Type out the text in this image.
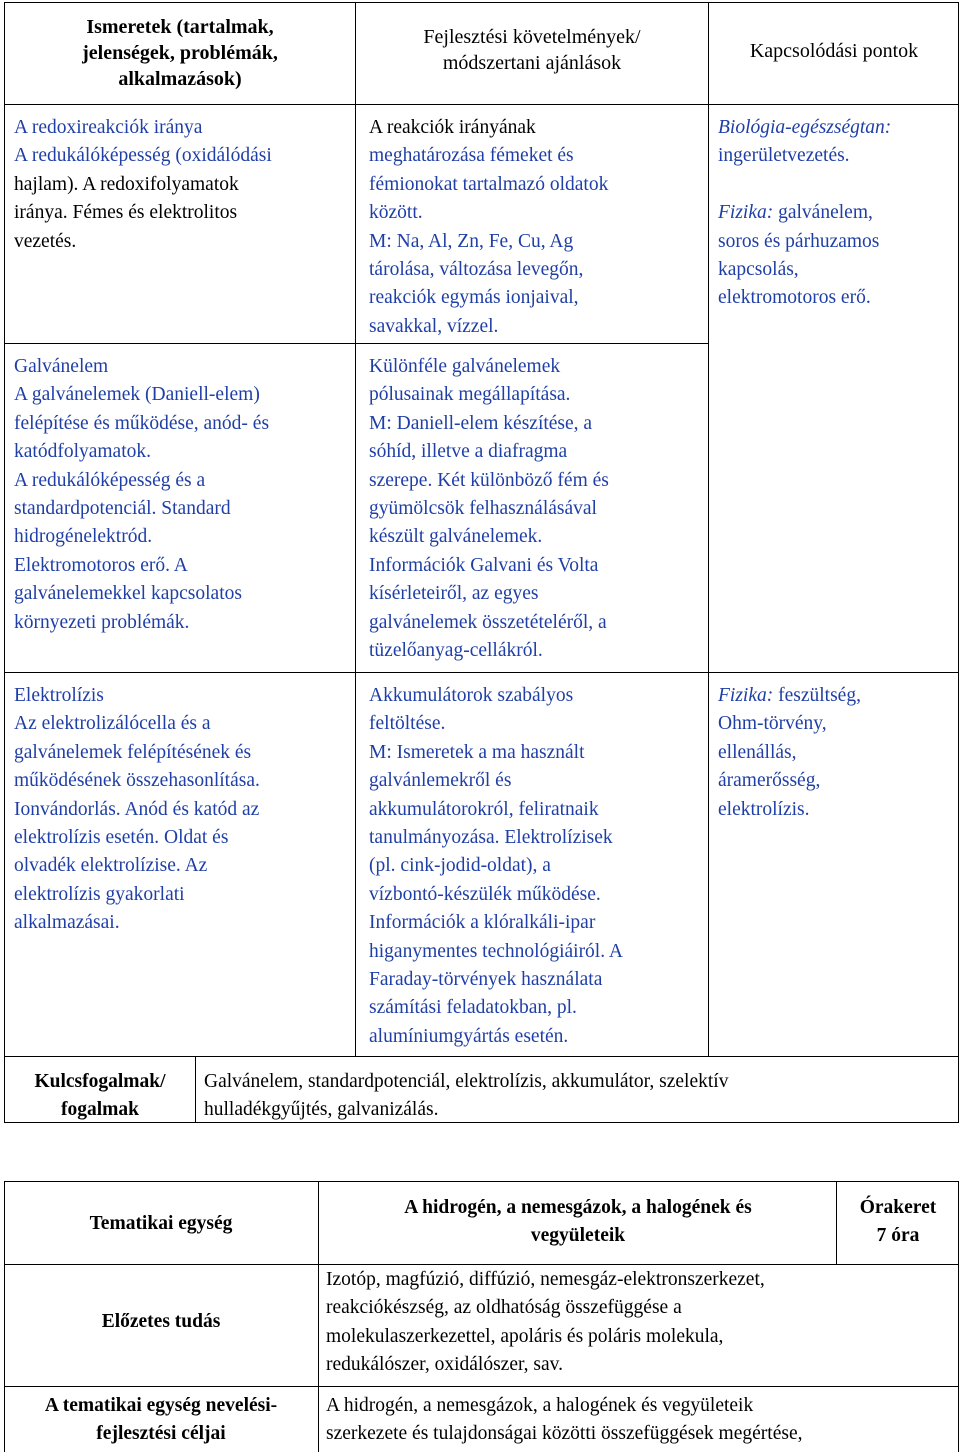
Ismeretek (tartalmak,
jelenségek, problémák,
alkalmazások)
Fejlesztési követelmények/
módszertani ajánlások
Kapcsolódási pontok
A redoxireakciók iránya
A redukálóképesség (oxidálódási
hajlam). A redoxifolyamatok
iránya. Fémes és elektrolitos
vezetés.
A reakciók irányának
meghatározása fémeket és
fémionokat tartalmazó oldatok
között.
M: Na, Al, Zn, Fe, Cu, Ag
tárolása, változása levegőn,
reakciók egymás ionjaival,
savakkal, vízzel.
Biológia-egészségtan:
ingerületvezetés.
Fizika: galvánelem,
soros és párhuzamos
kapcsolás,
elektromotoros erő.
Galvánelem
A galvánelemek (Daniell-elem)
felépítése és működése, anód- és
katódfolyamatok.
A redukálóképesség és a
standardpotenciál. Standard
hidrogénelektród.
Elektromotoros erő. A
galvánelemekkel kapcsolatos
környezeti problémák.
Különféle galvánelemek
pólusainak megállapítása.
M: Daniell-elem készítése, a
sóhíd, illetve a diafragma
szerepe. Két különböző fém és
gyümölcsök felhasználásával
készült galvánelemek.
Információk Galvani és Volta
kísérleteiről, az egyes
galvánelemek összetételéről, a
tüzelőanyag-cellákról.
Elektrolízis
Az elektrolizálócella és a
galvánelemek felépítésének és
működésének összehasonlítása.
Ionvándorlás. Anód és katód az
elektrolízis esetén. Oldat és
olvadék elektrolízise. Az
elektrolízis gyakorlati
alkalmazásai.
Akkumulátorok szabályos
feltöltése.
M: Ismeretek a ma használt
galvánlemekről és
akkumulátorokról, feliratnaik
tanulmányozása. Elektrolízisek
(pl. cink-jodid-oldat), a
vízbontó-készülék működése.
Információk a klóralkáli-ipar
higanymentes technológiáiról. A
Faraday-törvények használata
számítási feladatokban, pl.
alumíniumgyártás esetén.
Fizika: feszültség,
Ohm-törvény,
ellenállás,
áramerősség,
elektrolízis.
Kulcsfogalmak/
fogalmak
Galvánelem, standardpotenciál, elektrolízis, akkumulátor, szelektív
hulladékgyűjtés, galvanizálás.
Tematikai egység
A hidrogén, a nemesgázok, a halogének és
vegyületeik
Órakeret
7 óra
Előzetes tudás
Izotóp, magfúzió, diffúzió, nemesgáz-elektronszerkezet,
reakciókészség, az oldhatóság összefüggése a
molekulaszerkezettel, apoláris és poláris molekula,
redukálószer, oxidálószer, sav.
A tematikai egység nevelési-
fejlesztési céljai
A hidrogén, a nemesgázok, a halogének és vegyületeik
szerkezete és tulajdonságai közötti összefüggések megértése,
